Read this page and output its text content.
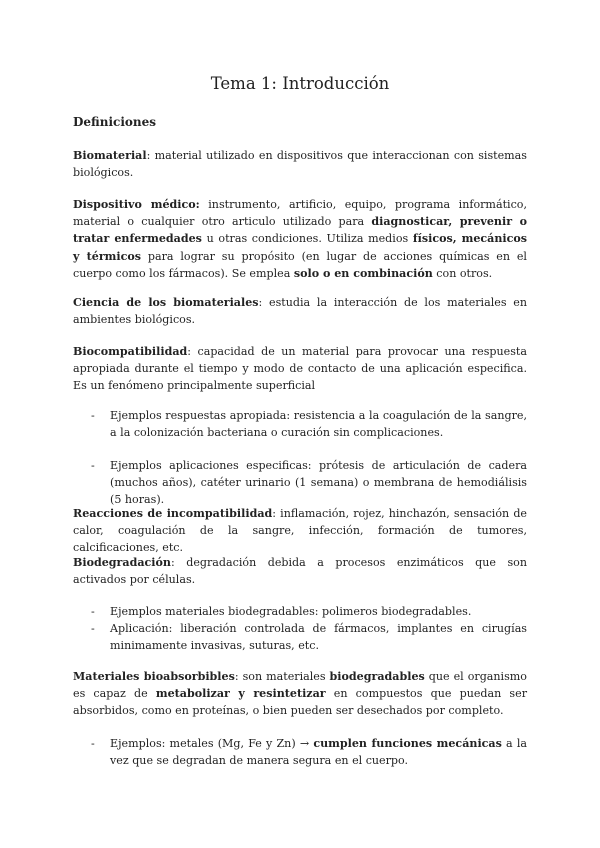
Tema 1: Introducción
Definiciones

Biomaterial: material utilizado en dispositivos que interaccionan con sistemas biológicos.

Dispositivo médico: instrumento, artificio, equipo, programa informático, material o cualquier otro articulo utilizado para diagnosticar, prevenir o tratar enfermedades u otras condiciones. Utiliza medios físicos, mecánicos y térmicos para lograr su propósito (en lugar de acciones químicas en el cuerpo como los fármacos). Se emplea solo o en combinación con otros.

Ciencia de los biomateriales: estudia la interacción de los materiales en ambientes biológicos.

Biocompatibilidad: capacidad de un material para provocar una respuesta apropiada durante el tiempo y modo de contacto de una aplicación especifica. Es un fenómeno principalmente superficial

- Ejemplos respuestas apropiada: resistencia a la coagulación de la sangre, a la colonización bacteriana o curación sin complicaciones.
- Ejemplos aplicaciones especificas: prótesis de articulación de cadera (muchos años), catéter urinario (1 semana) o membrana de hemodiálisis (5 horas).

Reacciones de incompatibilidad: inflamación, rojez, hinchazón, sensación de calor, coagulación de la sangre, infección, formación de tumores, calcificaciones, etc.

Biodegradación: degradación debida a procesos enzimáticos que son activados por células.

- Ejemplos materiales biodegradables: polimeros biodegradables.
- Aplicación: liberación controlada de fármacos, implantes en cirugías minimamente invasivas, suturas, etc.

Materiales bioabsorbibles: son materiales biodegradables que el organismo es capaz de metabolizar y resintetizar en compuestos que puedan ser absorbidos, como en proteínas, o bien pueden ser desechados por completo.

- Ejemplos: metales (Mg, Fe y Zn) → cumplen funciones mecánicas a la vez que se degradan de manera segura en el cuerpo.
